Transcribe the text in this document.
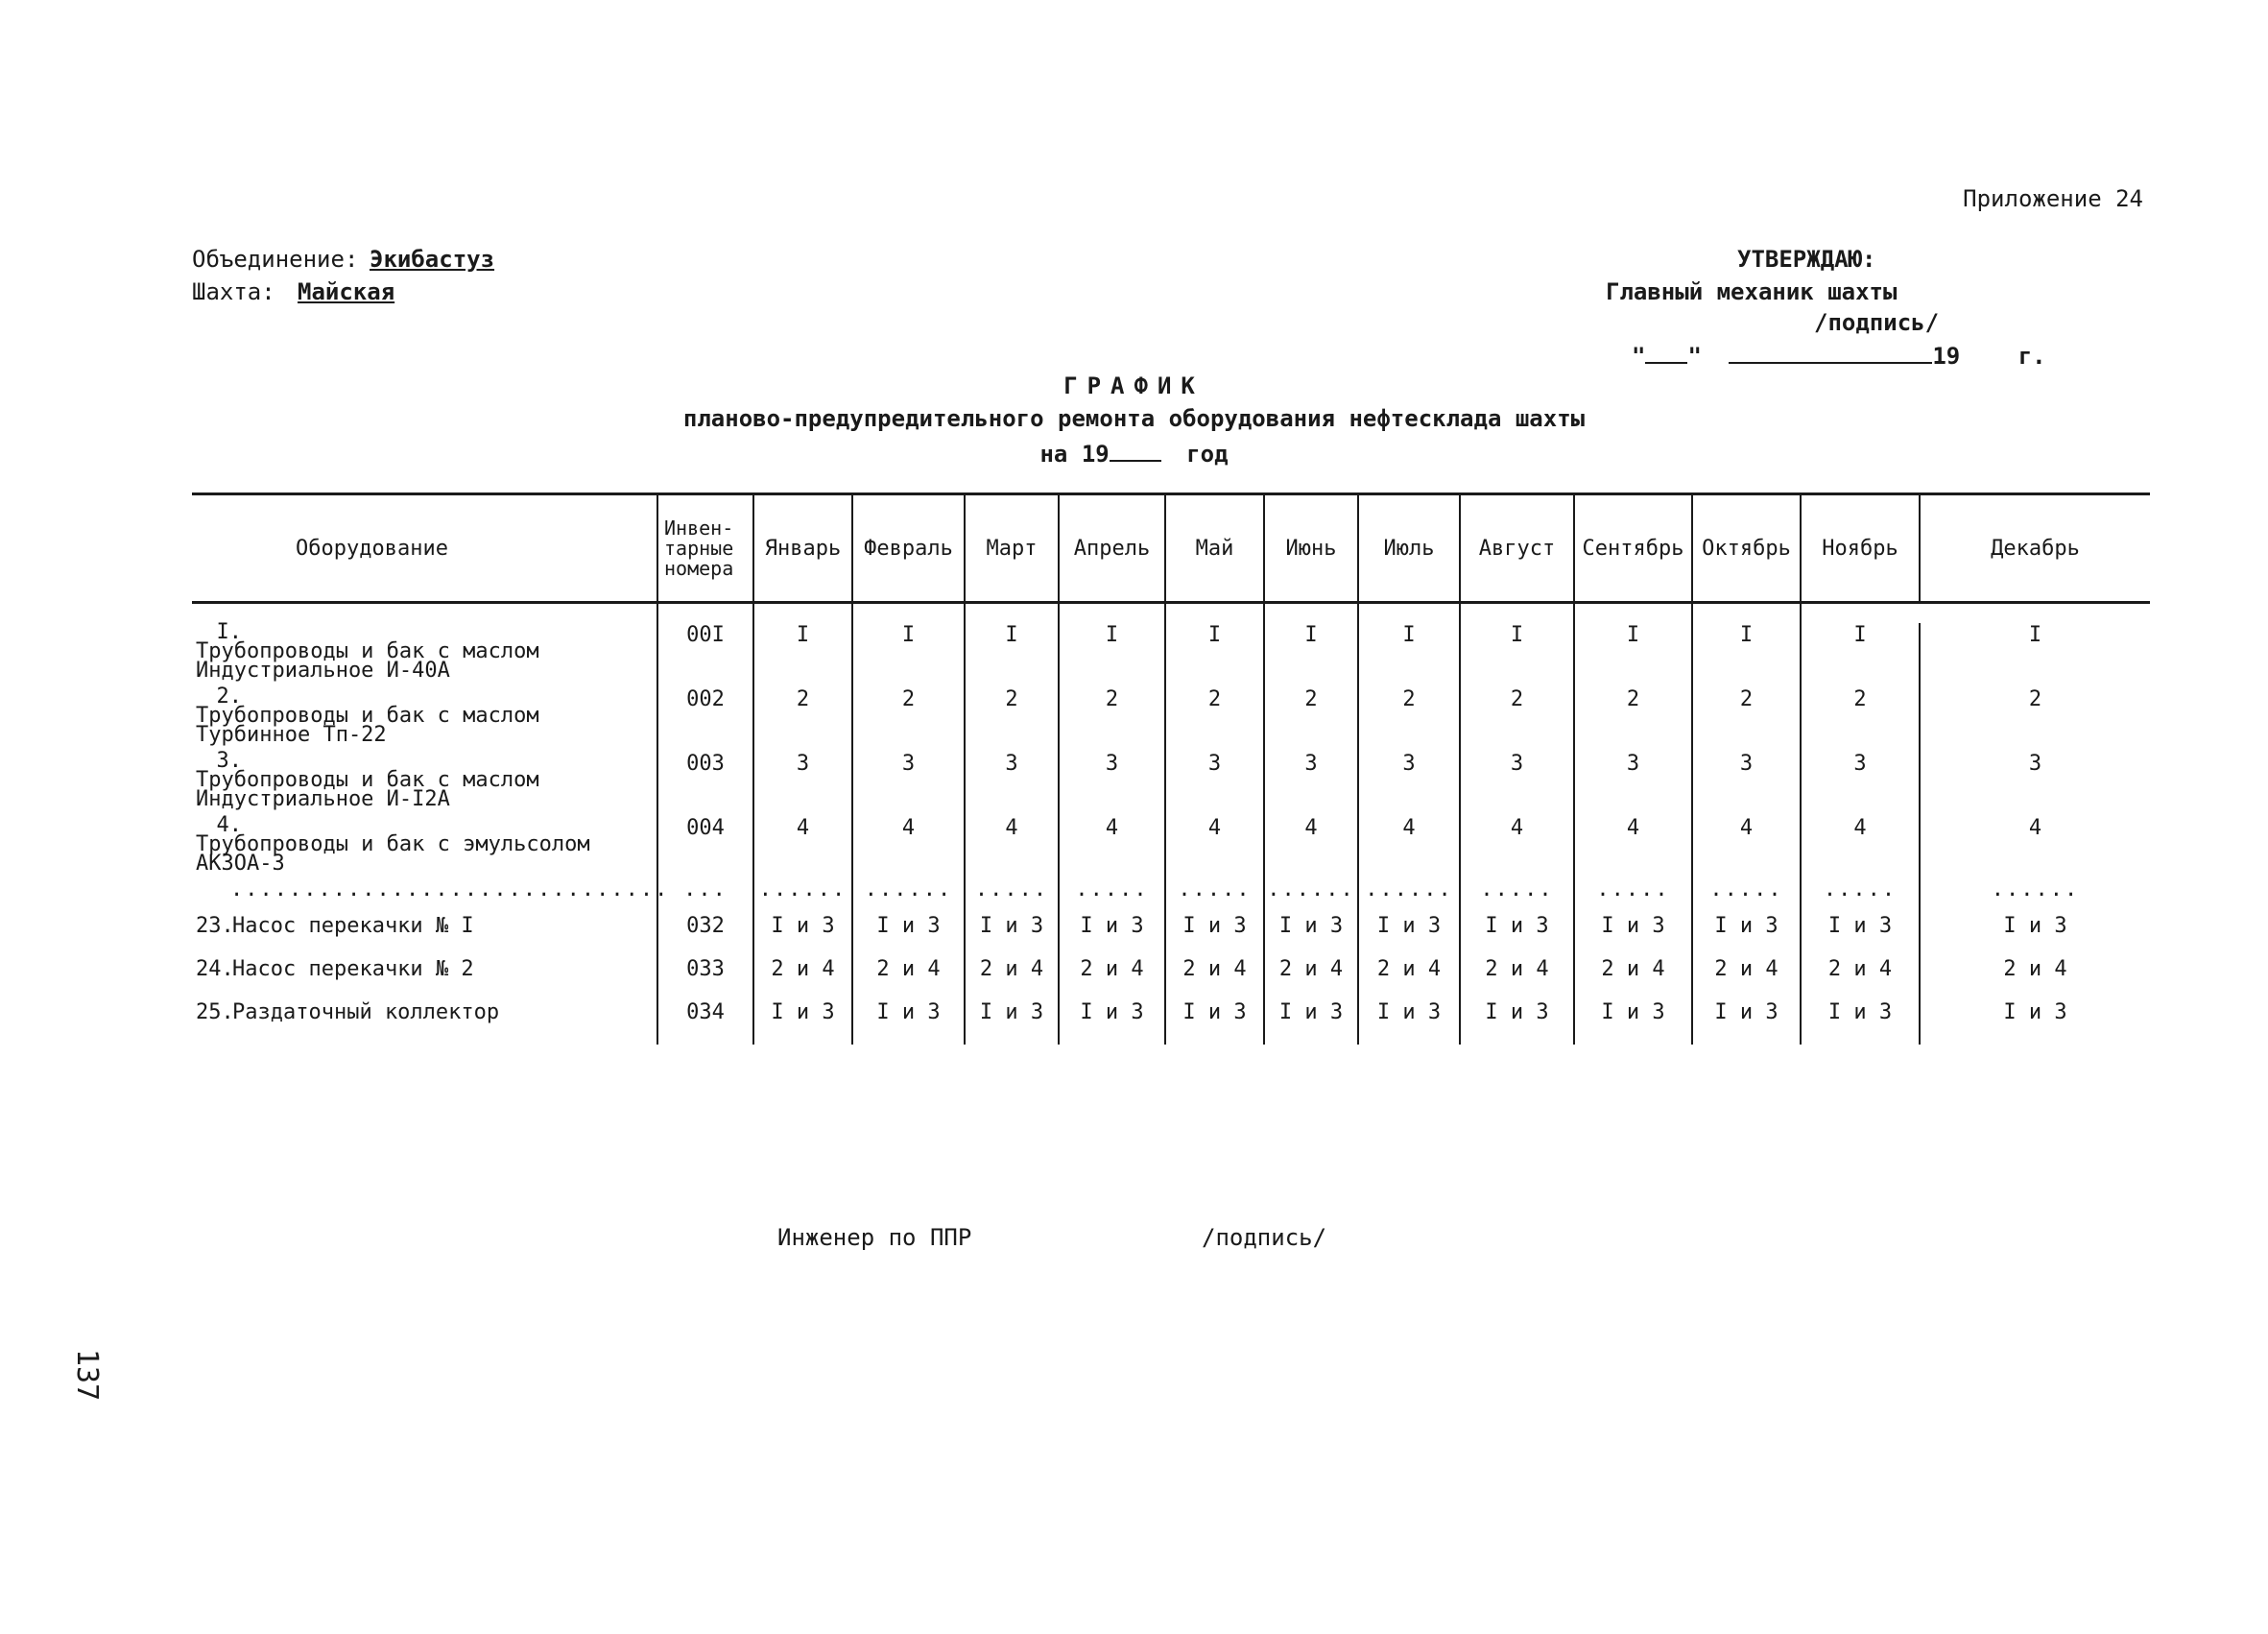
Приложение 24
Объединение: Экибастуз
Шахта: Майская
УТВЕРЖДАЮ:
Главный механик шахты
/подпись/
" "	19	г.
ГРАФИК
планово-предупредительного ремонта оборудования нефтесклада шахты
на 19	год
Оборудование	Инвен-
тарные
номера	Январь	Февраль	Март	Апрель	Май	Июнь	Июль	Август	Сентябрь	Октябрь	Ноябрь	Декабрь	

I.Трубопроводы и бак с маслом Индустриальное И-40А	00I	I	I	I	I	I	I	I	I	I	I	I	I	
2.Трубопроводы и бак с маслом Турбинное Тп-22	002	2	2	2	2	2	2	2	2	2	2	2	2	
3.Трубопроводы и бак с маслом Индустриальное И-I2А	003	3	3	3	3	3	3	3	3	3	3	3	3	
4.Трубопроводы и бак с эмульсолом АКЗОА-3	004	4	4	4	4	4	4	4	4	4	4	4	4	
..............................	...	......	......	.....	.....	.....	......	......	.....	.....	.....	.....	......	
23.Насос перекачки № I	032	I и 3	I и 3	I и 3	I и 3	I и 3	I и 3	I и 3	I и 3	I и 3	I и 3	I и 3	I и 3	
24.Насос перекачки № 2	033	2 и 4	2 и 4	2 и 4	2 и 4	2 и 4	2 и 4	2 и 4	2 и 4	2 и 4	2 и 4	2 и 4	2 и 4	
25.Раздаточный коллектор	034	I и 3	I и 3	I и 3	I и 3	I и 3	I и 3	I и 3	I и 3	I и 3	I и 3	I и 3	I и 3	
Инженер по ППР	/подпись/
137
